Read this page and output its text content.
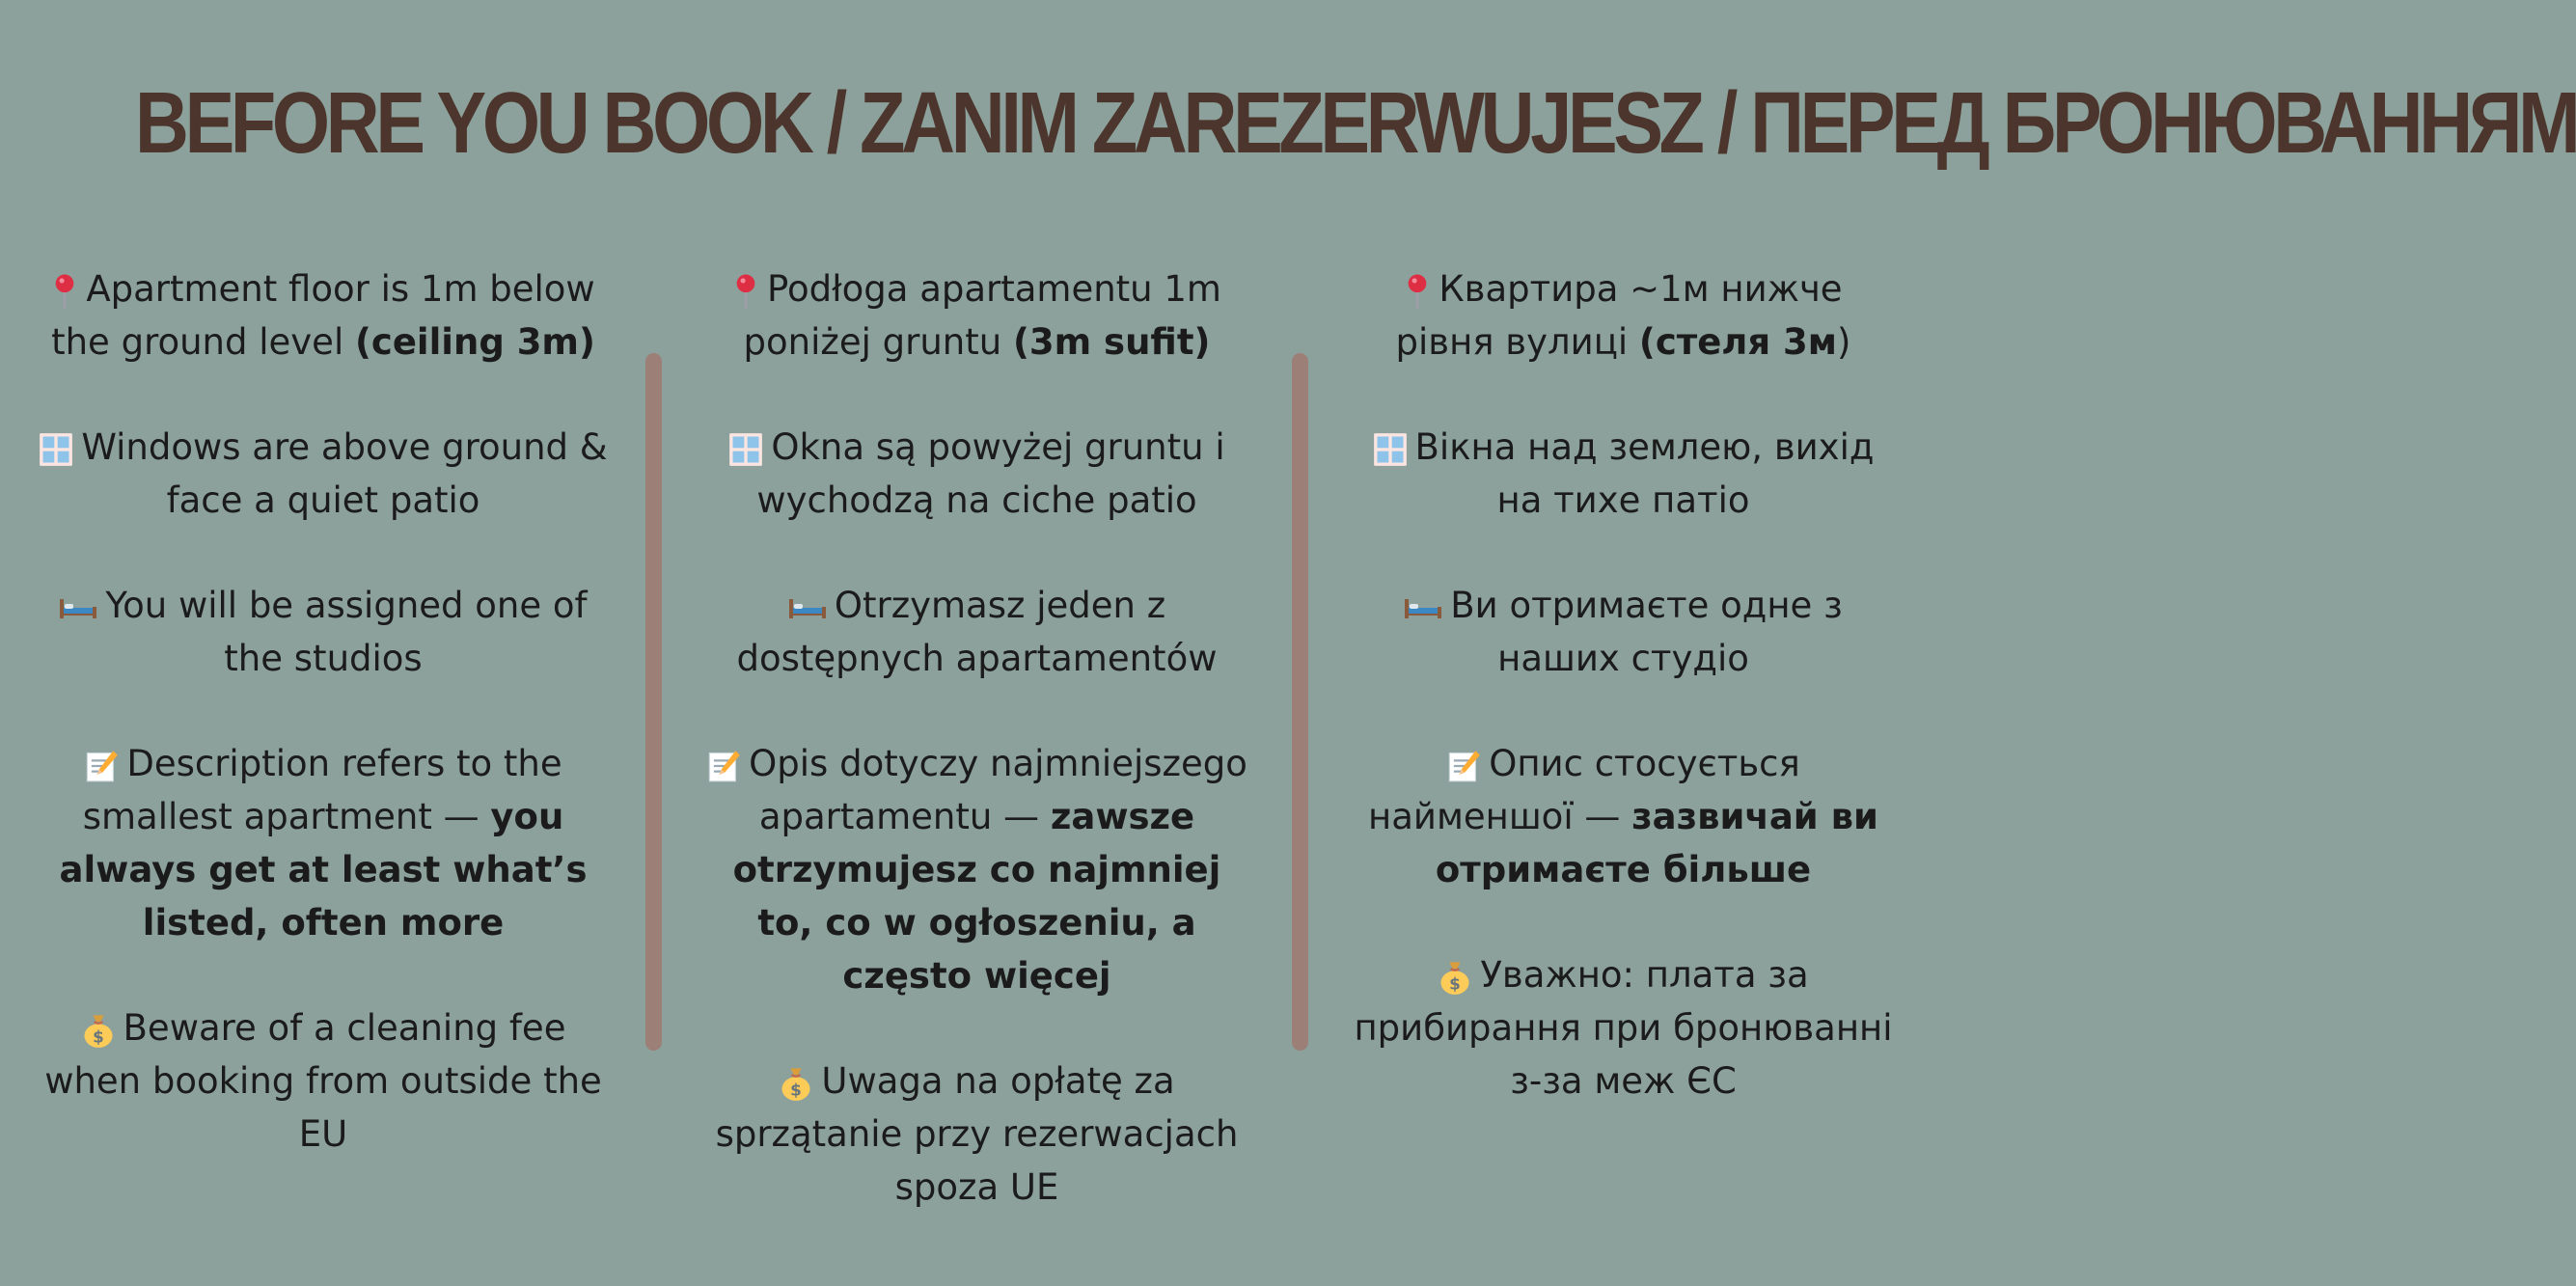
BEFORE YOU BOOK / ZANIM ZAREZERWUJESZ / ПЕРЕД БРОНЮВАННЯМ

Apartment floor is 1m below the ground level (ceiling 3m)

Windows are above ground & face a quiet patio

You will be assigned one of the studios

Description refers to the smallest apartment — you always get at least what’s listed, often more

Beware of a cleaning fee when booking from outside the EU

Podłoga apartamentu 1m poniżej gruntu (3m sufit)

Okna są powyżej gruntu i wychodzą na ciche patio

Otrzymasz jeden z dostępnych apartamentów

Opis dotyczy najmniejszego apartamentu — zawsze otrzymujesz co najmniej to, co w ogłoszeniu, a często więcej

Uwaga na opłatę za sprzątanie przy rezerwacjach spoza UE

Квартира ~1м нижче рівня вулиці (стеля 3м)

Вікна над землею, вихід на тихе патіо

Ви отримаєте одне з наших студіо

Опис стосується найменшої — зазвичай ви отримаєте більше

Уважно: плата за прибирання при бронюванні з-за меж ЄС
